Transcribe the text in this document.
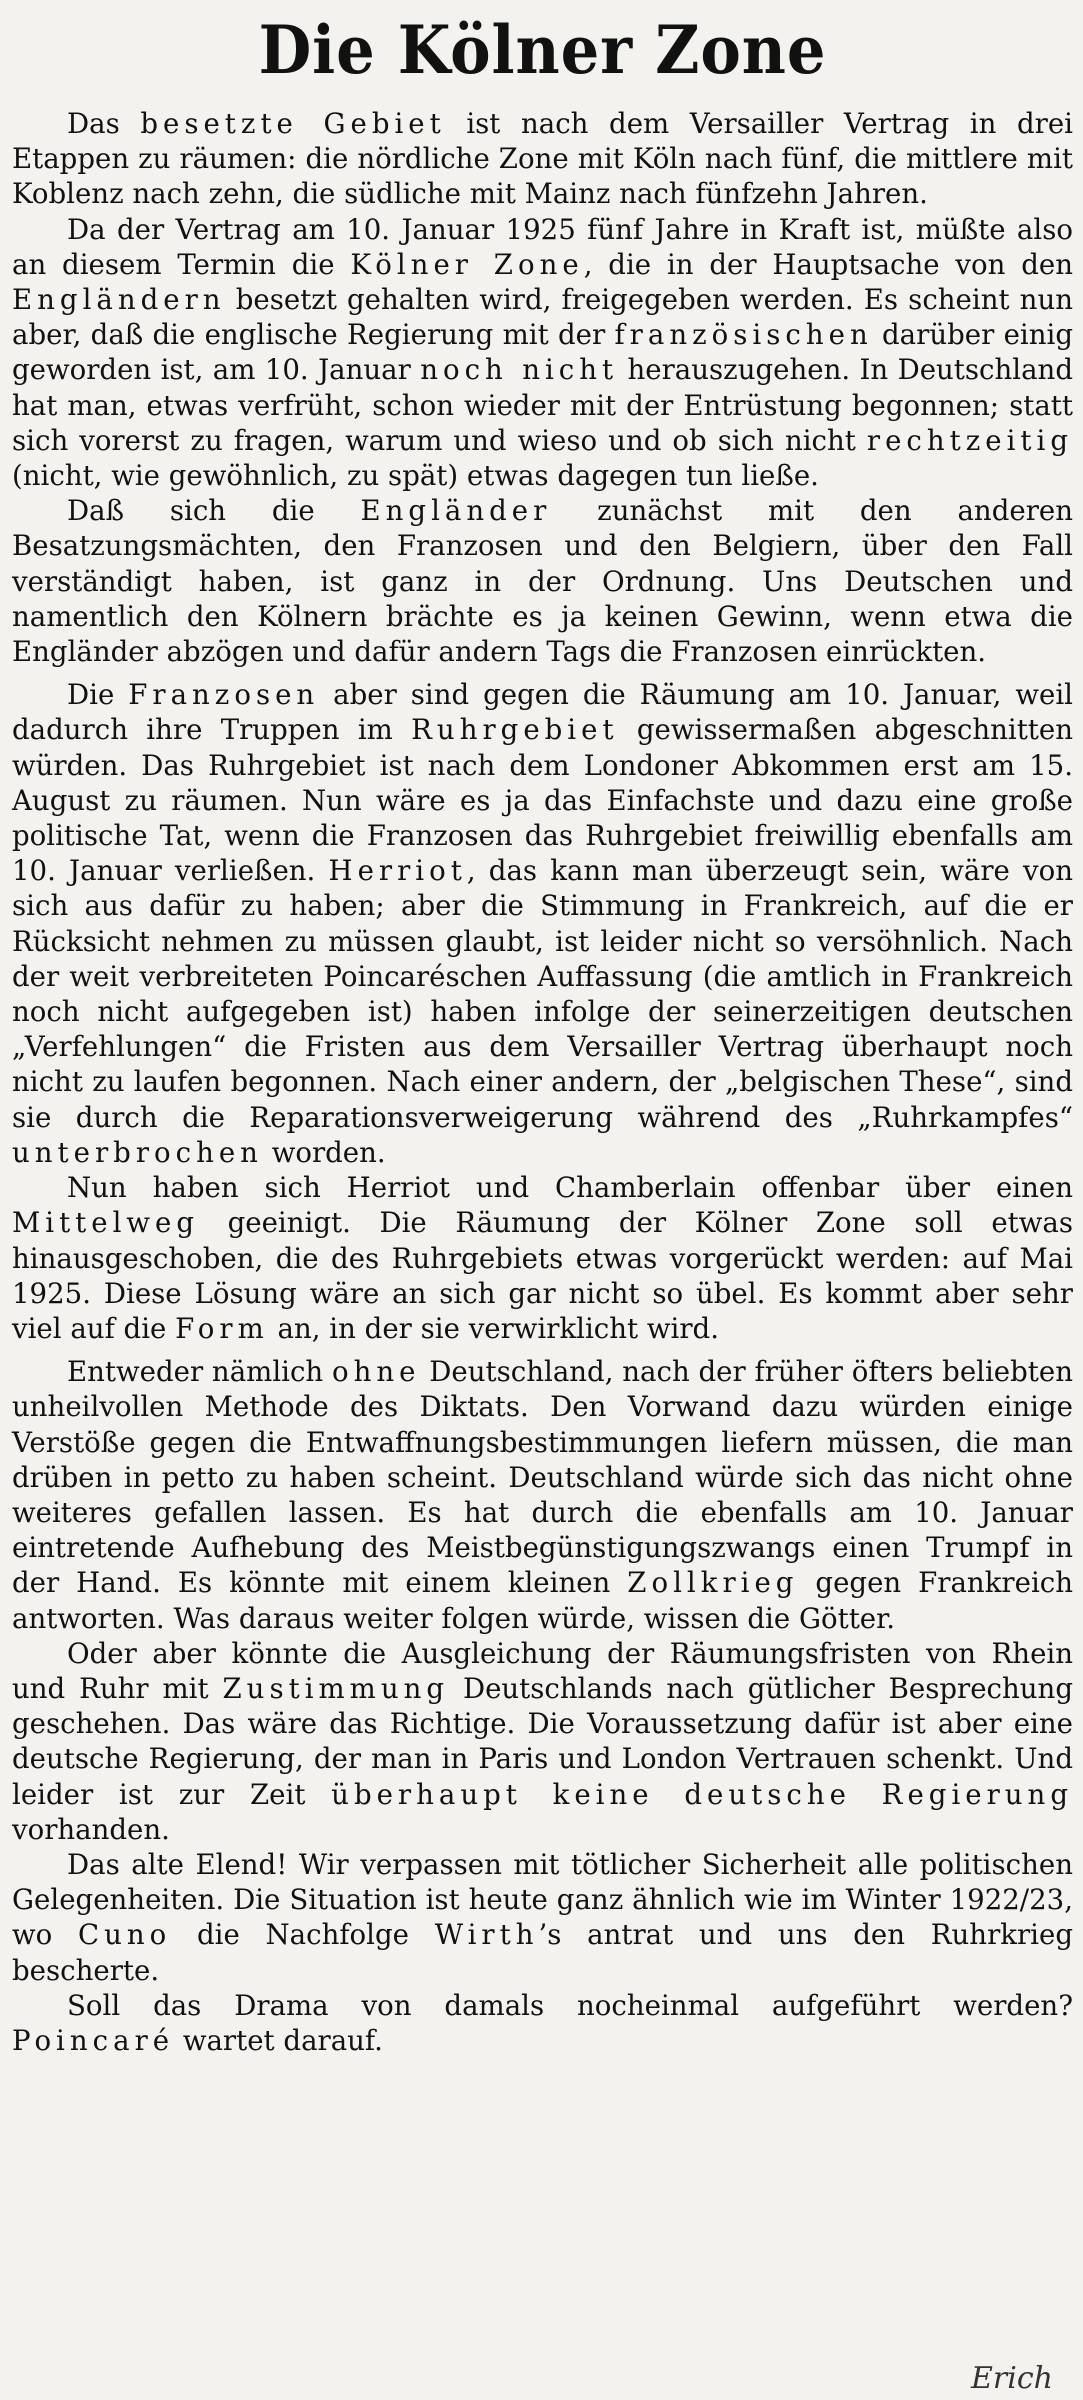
Die Kölner Zone

Das besetzte Gebiet ist nach dem Versailler Vertrag in drei Etappen zu räumen: die nördliche Zone mit Köln nach fünf, die mittlere mit Koblenz nach zehn, die südliche mit Mainz nach fünfzehn Jahren.

Da der Vertrag am 10. Januar 1925 fünf Jahre in Kraft ist, müßte also an diesem Termin die Kölner Zone, die in der Hauptsache von den Engländern besetzt gehalten wird, freigegeben werden. Es scheint nun aber, daß die englische Regierung mit der französischen darüber einig geworden ist, am 10. Januar noch nicht herauszugehen. In Deutschland hat man, etwas verfrüht, schon wieder mit der Entrüstung begonnen; statt sich vorerst zu fragen, warum und wieso und ob sich nicht rechtzeitig (nicht, wie gewöhnlich, zu spät) etwas dagegen tun ließe.

Daß sich die Engländer zunächst mit den anderen Besatzungsmächten, den Franzosen und den Belgiern, über den Fall verständigt haben, ist ganz in der Ordnung. Uns Deutschen und namentlich den Kölnern brächte es ja keinen Gewinn, wenn etwa die Engländer abzögen und dafür andern Tags die Franzosen einrückten.

Die Franzosen aber sind gegen die Räumung am 10. Januar, weil dadurch ihre Truppen im Ruhrgebiet gewissermaßen abgeschnitten würden. Das Ruhrgebiet ist nach dem Londoner Abkommen erst am 15. August zu räumen. Nun wäre es ja das Einfachste und dazu eine große politische Tat, wenn die Franzosen das Ruhrgebiet freiwillig ebenfalls am 10. Januar verließen. Herriot, das kann man überzeugt sein, wäre von sich aus dafür zu haben; aber die Stimmung in Frankreich, auf die er Rücksicht nehmen zu müssen glaubt, ist leider nicht so versöhnlich. Nach der weit verbreiteten Poincaréschen Auffassung (die amtlich in Frankreich noch nicht aufgegeben ist) haben infolge der seinerzeitigen deutschen „Verfehlungen“ die Fristen aus dem Versailler Vertrag überhaupt noch nicht zu laufen begonnen. Nach einer andern, der „belgischen These“, sind sie durch die Reparationsverweigerung während des „Ruhrkampfes“ unterbrochen worden.

Nun haben sich Herriot und Chamberlain offenbar über einen Mittelweg geeinigt. Die Räumung der Kölner Zone soll etwas hinausgeschoben, die des Ruhrgebiets etwas vorgerückt werden: auf Mai 1925. Diese Lösung wäre an sich gar nicht so übel. Es kommt aber sehr viel auf die Form an, in der sie verwirklicht wird.

Entweder nämlich ohne Deutschland, nach der früher öfters beliebten unheilvollen Methode des Diktats. Den Vorwand dazu würden einige Verstöße gegen die Entwaffnungsbestimmungen liefern müssen, die man drüben in petto zu haben scheint. Deutschland würde sich das nicht ohne weiteres gefallen lassen. Es hat durch die ebenfalls am 10. Januar eintretende Aufhebung des Meistbegünstigungszwangs einen Trumpf in der Hand. Es könnte mit einem kleinen Zollkrieg gegen Frankreich antworten. Was daraus weiter folgen würde, wissen die Götter.

Oder aber könnte die Ausgleichung der Räumungsfristen von Rhein und Ruhr mit Zustimmung Deutschlands nach gütlicher Besprechung geschehen. Das wäre das Richtige. Die Voraussetzung dafür ist aber eine deutsche Regierung, der man in Paris und London Vertrauen schenkt. Und leider ist zur Zeit überhaupt keine deutsche Regierung vorhanden.

Das alte Elend! Wir verpassen mit tötlicher Sicherheit alle politischen Gelegenheiten. Die Situation ist heute ganz ähnlich wie im Winter 1922/23, wo Cuno die Nachfolge Wirth’s antrat und uns den Ruhrkrieg bescherte.

Soll das Drama von damals nocheinmal aufgeführt werden? Poincaré wartet darauf.

Erich
